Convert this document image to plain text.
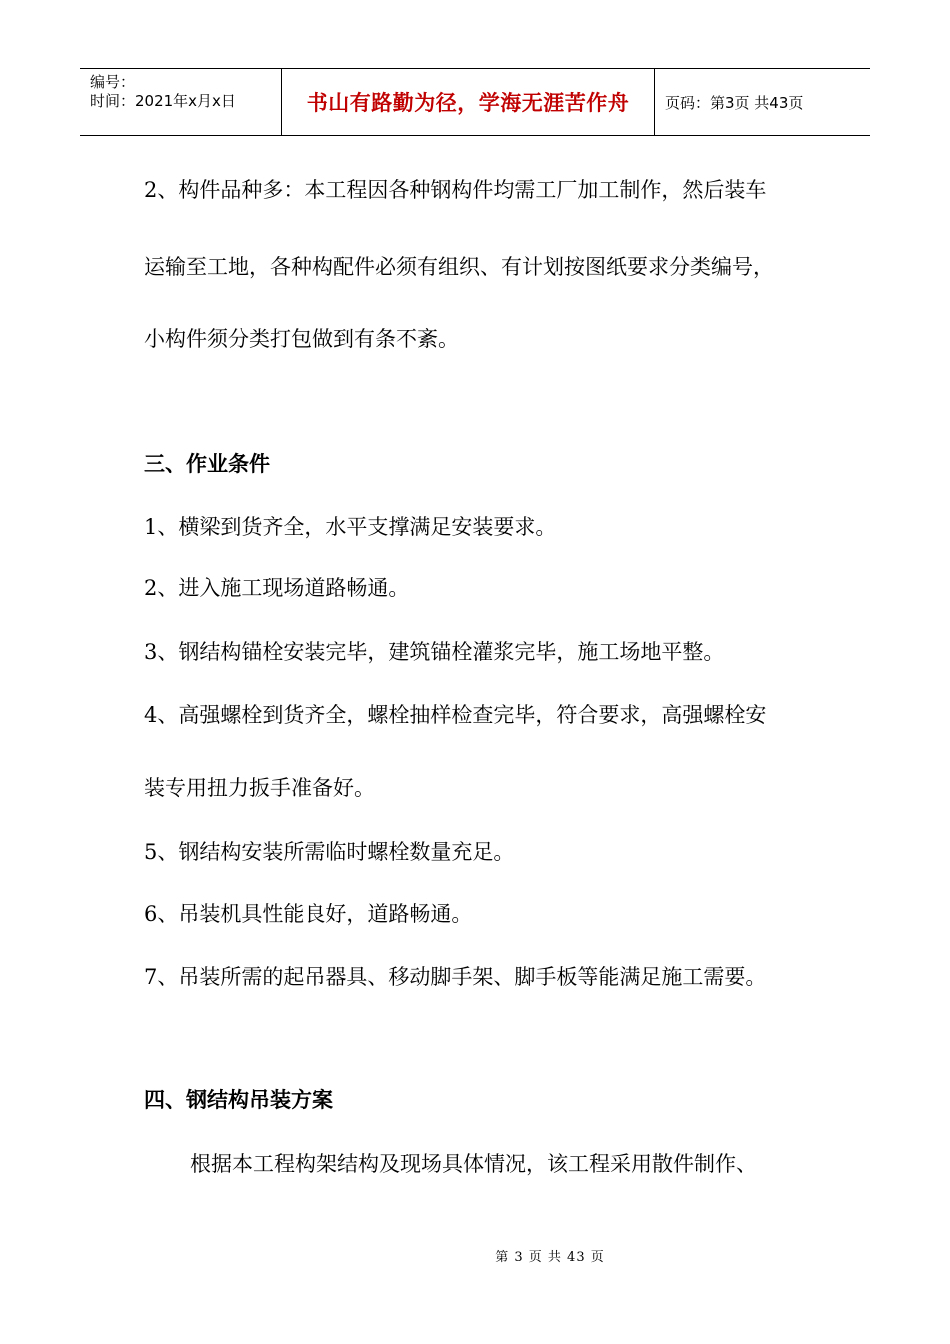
编号：
时间：2021年x月x日	书山有路勤为径，学海无涯苦作舟 页码：第3页 共43页
2、构件品种多：本工程因各种钢构件均需工厂加工制作，然后装车
运输至工地，各种构配件必须有组织、有计划按图纸要求分类编号，
小构件须分类打包做到有条不紊。
三、作业条件
1、横梁到货齐全，水平支撑满足安装要求。
2、进入施工现场道路畅通。
3、钢结构锚栓安装完毕，建筑锚栓灌浆完毕，施工场地平整。
4、高强螺栓到货齐全，螺栓抽样检查完毕，符合要求，高强螺栓安
装专用扭力扳手准备好。
5、钢结构安装所需临时螺栓数量充足。
6、吊装机具性能良好，道路畅通。
7、吊装所需的起吊器具、移动脚手架、脚手板等能满足施工需要。
四、钢结构吊装方案
根据本工程构架结构及现场具体情况，该工程采用散件制作、
第 3 页 共 43 页
